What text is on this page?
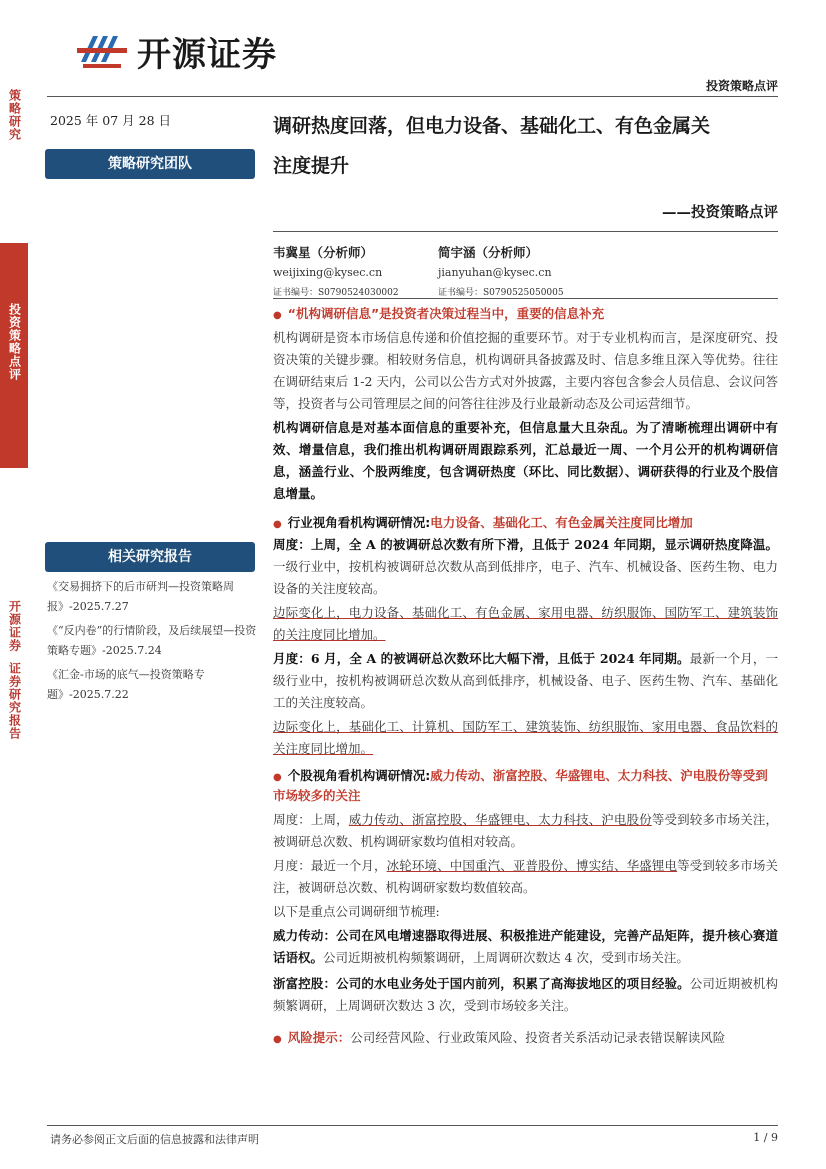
开源证券
投资策略点评
策略研究
投资策略点评
开源证券
证券研究报告
2025 年 07 月 28 日
策略研究团队
调研热度回落，但电力设备、基础化工、有色金属关
注度提升
——投资策略点评
韦冀星（分析师）
weijixing@kysec.cn
证书编号：S0790524030002
简宇涵（分析师）
jianyuhan@kysec.cn
证书编号：S0790525050005
相关研究报告
《交易拥挤下的后市研判—投资策略周报》-2025.7.27
《“反内卷”的行情阶段，及后续展望—投资策略专题》-2025.7.24
《汇金-市场的底气—投资策略专题》-2025.7.22
● “机构调研信息”是投资者决策过程当中，重要的信息补充
机构调研是资本市场信息传递和价值挖掘的重要环节。对于专业机构而言，是深度研究、投资决策的关键步骤。相较财务信息，机构调研具备披露及时、信息多维且深入等优势。往往在调研结束后 1-2 天内，公司以公告方式对外披露，主要内容包含参会人员信息、会议问答等，投资者与公司管理层之间的问答往往涉及行业最新动态及公司运营细节。
机构调研信息是对基本面信息的重要补充，但信息量大且杂乱。为了清晰梳理出调研中有效、增量信息，我们推出机构调研周跟踪系列，汇总最近一周、一个月公开的机构调研信息，涵盖行业、个股两维度，包含调研热度（环比、同比数据）、调研获得的行业及个股信息增量。
● 行业视角看机构调研情况:电力设备、基础化工、有色金属关注度同比增加
周度：上周，全 A 的被调研总次数有所下滑，且低于 2024 年同期，显示调研热度降温。一级行业中，按机构被调研总次数从高到低排序，电子、汽车、机械设备、医药生物、电力设备的关注度较高。
边际变化上，电力设备、基础化工、有色金属、家用电器、纺织服饰、国防军工、建筑装饰的关注度同比增加。
月度：6 月，全 A 的被调研总次数环比大幅下滑，且低于 2024 年同期。最新一个月，一级行业中，按机构被调研总次数从高到低排序，机械设备、电子、医药生物、汽车、基础化工的关注度较高。
边际变化上，基础化工、计算机、国防军工、建筑装饰、纺织服饰、家用电器、食品饮料的关注度同比增加。
● 个股视角看机构调研情况:威力传动、浙富控股、华盛锂电、太力科技、沪电股份等受到市场较多的关注
周度：上周，威力传动、浙富控股、华盛锂电、太力科技、沪电股份等受到较多市场关注，被调研总次数、机构调研家数均值相对较高。
月度：最近一个月，冰轮环境、中国重汽、亚普股份、博实结、华盛锂电等受到较多市场关注，被调研总次数、机构调研家数均数值较高。
以下是重点公司调研细节梳理:
威力传动：公司在风电增速器取得进展、积极推进产能建设，完善产品矩阵，提升核心赛道话语权。公司近期被机构频繁调研，上周调研次数达 4 次，受到市场关注。
浙富控股：公司的水电业务处于国内前列，积累了高海拔地区的项目经验。公司近期被机构频繁调研，上周调研次数达 3 次，受到市场较多关注。
● 风险提示：公司经营风险、行业政策风险、投资者关系活动记录表错误解读风险
请务必参阅正文后面的信息披露和法律声明	1 / 9
